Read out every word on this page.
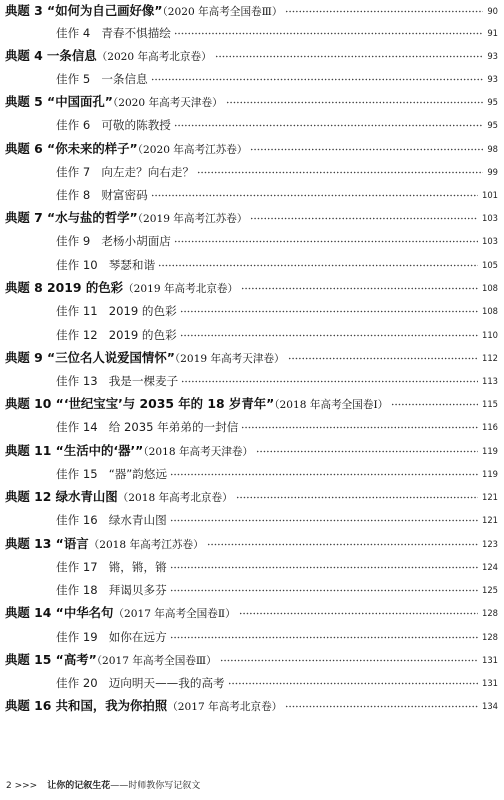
典题 3 “如何为自己画好像”（2020 年高考全国卷Ⅲ）	90
佳作 4 青春不惧描绘	91
典题 4 一条信息（2020 年高考北京卷）	93
佳作 5 一条信息	93
典题 5 “中国面孔”（2020 年高考天津卷）	95
佳作 6 可敬的陈教授	95
典题 6 “你未来的样子”（2020 年高考江苏卷）	98
佳作 7 向左走？向右走？	99
佳作 8 财富密码	101
典题 7 “水与盐的哲学”（2019 年高考江苏卷）	103
佳作 9 老杨小胡面店	103
佳作 10 琴瑟和谐	105
典题 8 2019 的色彩（2019 年高考北京卷）	108
佳作 11 2019 的色彩	108
佳作 12 2019 的色彩	110
典题 9 “三位名人说爱国情怀”（2019 年高考天津卷）	112
佳作 13 我是一棵麦子	113
典题 10 “‘世纪宝宝’与 2035 年的 18 岁青年”（2018 年高考全国卷Ⅰ）	115
佳作 14 给 2035 年弟弟的一封信	116
典题 11 “生活中的‘器’”（2018 年高考天津卷）	119
佳作 15 “器”韵悠远	119
典题 12 绿水青山图（2018 年高考北京卷）	121
佳作 16 绿水青山图	121
典题 13 “语言（2018 年高考江苏卷）	123
佳作 17 锵，锵，锵	124
佳作 18 拜谒贝多芬	125
典题 14 “中华名句（2017 年高考全国卷Ⅱ）	128
佳作 19 如你在远方	128
典题 15 “高考”（2017 年高考全国卷Ⅲ）	131
佳作 20 迈向明天——我的高考	131
典题 16 共和国，我为你拍照（2017 年高考北京卷）	134
2 >>> 让你的记叙生花——时师教你写记叙文
